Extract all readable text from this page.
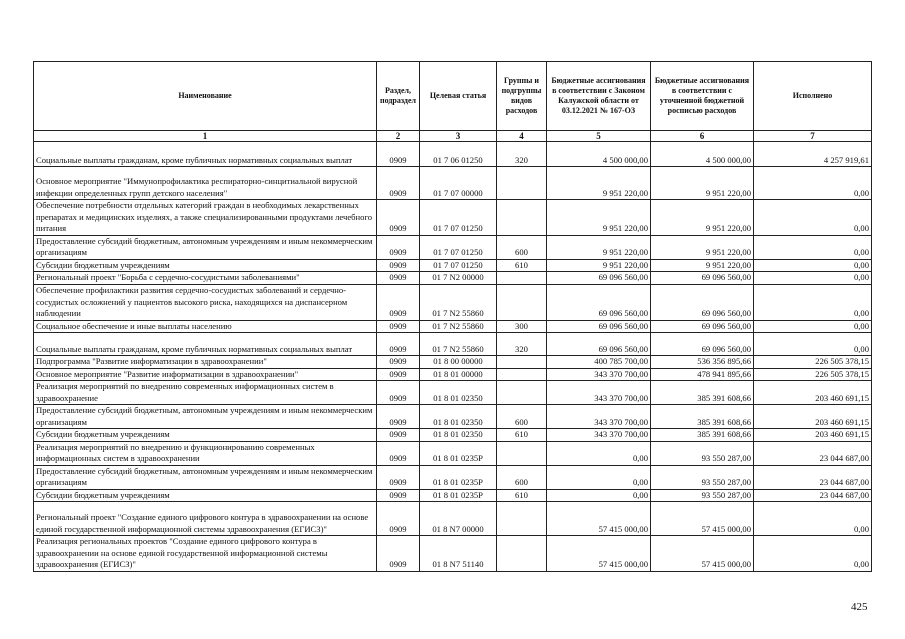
Наименование	Раздел, подраздел	Целевая статья	Группы и подгруппы видов расходов	Бюджетные ассигнования в соответствии с Законом Калужской области от 03.12.2021 № 167-ОЗ	Бюджетные ассигнования в соответствии с уточненной бюджетной росписью расходов	Исполнено
1	2	3	4	5	6	7
Социальные выплаты гражданам, кроме публичных нормативных социальных выплат	0909	01 7 06 01250	320	4 500 000,00	4 500 000,00	4 257 919,61
Основное мероприятие "Иммунопрофилактика респираторно-синцитиальной вирусной инфекции определенных групп детского населения"	0909	01 7 07 00000		9 951 220,00	9 951 220,00	0,00
Обеспечение потребности отдельных категорий граждан в необходимых лекарственных препаратах и медицинских изделиях, а также специализированными продуктами лечебного питания	0909	01 7 07 01250		9 951 220,00	9 951 220,00	0,00
Предоставление субсидий бюджетным, автономным учреждениям и иным некоммерческим организациям	0909	01 7 07 01250	600	9 951 220,00	9 951 220,00	0,00
Субсидии бюджетным учреждениям	0909	01 7 07 01250	610	9 951 220,00	9 951 220,00	0,00
Региональный проект "Борьба с сердечно-сосудистыми заболеваниями"	0909	01 7 N2 00000		69 096 560,00	69 096 560,00	0,00
Обеспечение профилактики развития сердечно-сосудистых заболеваний и сердечно-сосудистых осложнений у пациентов высокого риска, находящихся на диспансерном наблюдении	0909	01 7 N2 55860		69 096 560,00	69 096 560,00	0,00
Социальное обеспечение и иные выплаты населению	0909	01 7 N2 55860	300	69 096 560,00	69 096 560,00	0,00
Социальные выплаты гражданам, кроме публичных нормативных социальных выплат	0909	01 7 N2 55860	320	69 096 560,00	69 096 560,00	0,00
Подпрограмма "Развитие информатизации в здравоохранении"	0909	01 8 00 00000		400 785 700,00	536 356 895,66	226 505 378,15
Основное мероприятие "Развитие информатизации в здравоохранении"	0909	01 8 01 00000		343 370 700,00	478 941 895,66	226 505 378,15
Реализация мероприятий по внедрению современных информационных систем в здравоохранение	0909	01 8 01 02350		343 370 700,00	385 391 608,66	203 460 691,15
Предоставление субсидий бюджетным, автономным учреждениям и иным некоммерческим организациям	0909	01 8 01 02350	600	343 370 700,00	385 391 608,66	203 460 691,15
Субсидии бюджетным учреждениям	0909	01 8 01 02350	610	343 370 700,00	385 391 608,66	203 460 691,15
Реализация мероприятий по внедрению и функционированию современных информационных систем в здравоохранении	0909	01 8 01 0235P		0,00	93 550 287,00	23 044 687,00
Предоставление субсидий бюджетным, автономным учреждениям и иным некоммерческим организациям	0909	01 8 01 0235P	600	0,00	93 550 287,00	23 044 687,00
Субсидии бюджетным учреждениям	0909	01 8 01 0235P	610	0,00	93 550 287,00	23 044 687,00
Региональный проект "Создание единого цифрового контура в здравоохранении на основе единой государственной информационной системы здравоохранения (ЕГИСЗ)"	0909	01 8 N7 00000		57 415 000,00	57 415 000,00	0,00
Реализация региональных проектов "Создание единого цифрового контура в здравоохранении на основе единой государственной информационной системы здравоохранения (ЕГИСЗ)"	0909	01 8 N7 51140		57 415 000,00	57 415 000,00	0,00
425
